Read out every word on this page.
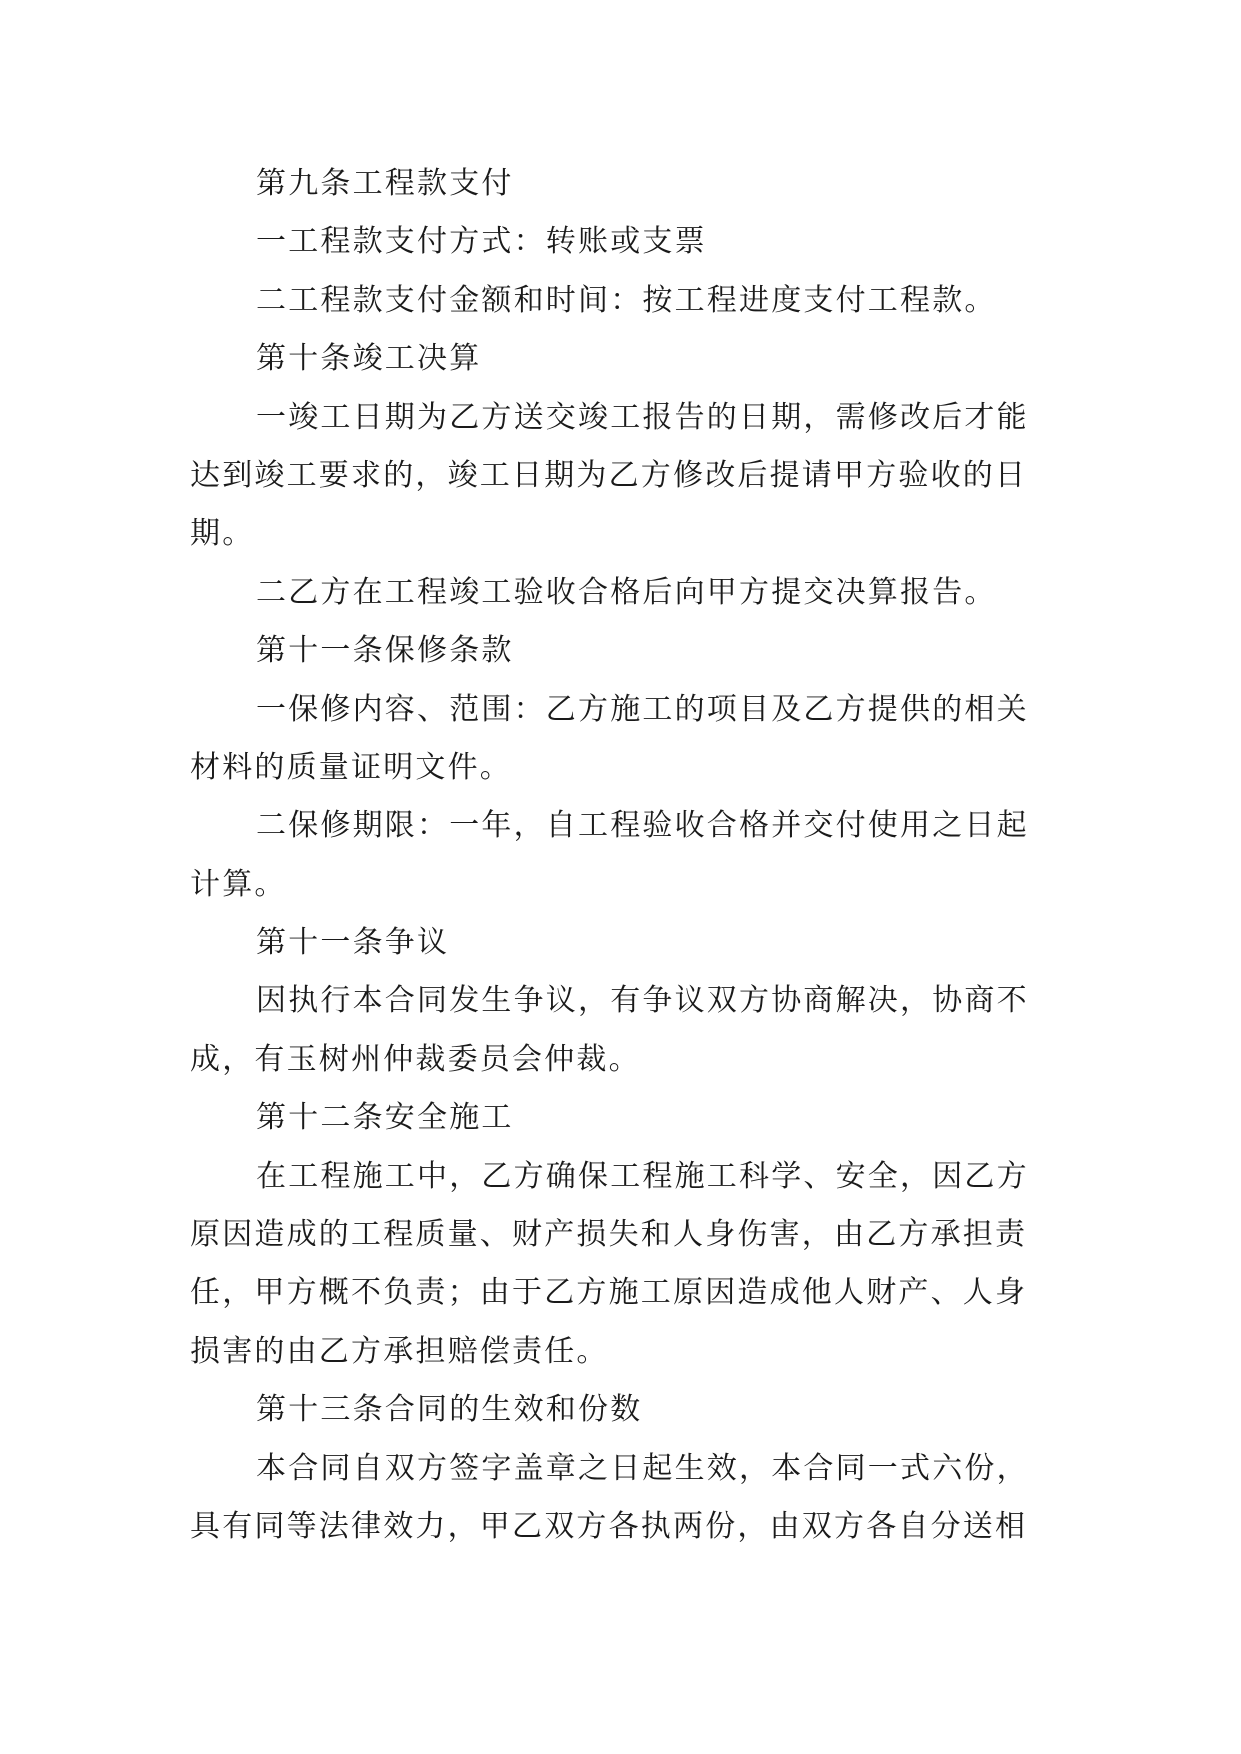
第九条工程款支付
一工程款支付方式：转账或支票
二工程款支付金额和时间：按工程进度支付工程款。
第十条竣工决算
一竣工日期为乙方送交竣工报告的日期，需修改后才能
达到竣工要求的，竣工日期为乙方修改后提请甲方验收的日
期。
二乙方在工程竣工验收合格后向甲方提交决算报告。
第十一条保修条款
一保修内容、范围：乙方施工的项目及乙方提供的相关
材料的质量证明文件。
二保修期限：一年，自工程验收合格并交付使用之日起
计算。
第十一条争议
因执行本合同发生争议，有争议双方协商解决，协商不
成，有玉树州仲裁委员会仲裁。
第十二条安全施工
在工程施工中，乙方确保工程施工科学、安全，因乙方
原因造成的工程质量、财产损失和人身伤害，由乙方承担责
任，甲方概不负责；由于乙方施工原因造成他人财产、人身
损害的由乙方承担赔偿责任。
第十三条合同的生效和份数
本合同自双方签字盖章之日起生效，本合同一式六份，
具有同等法律效力，甲乙双方各执两份，由双方各自分送相
